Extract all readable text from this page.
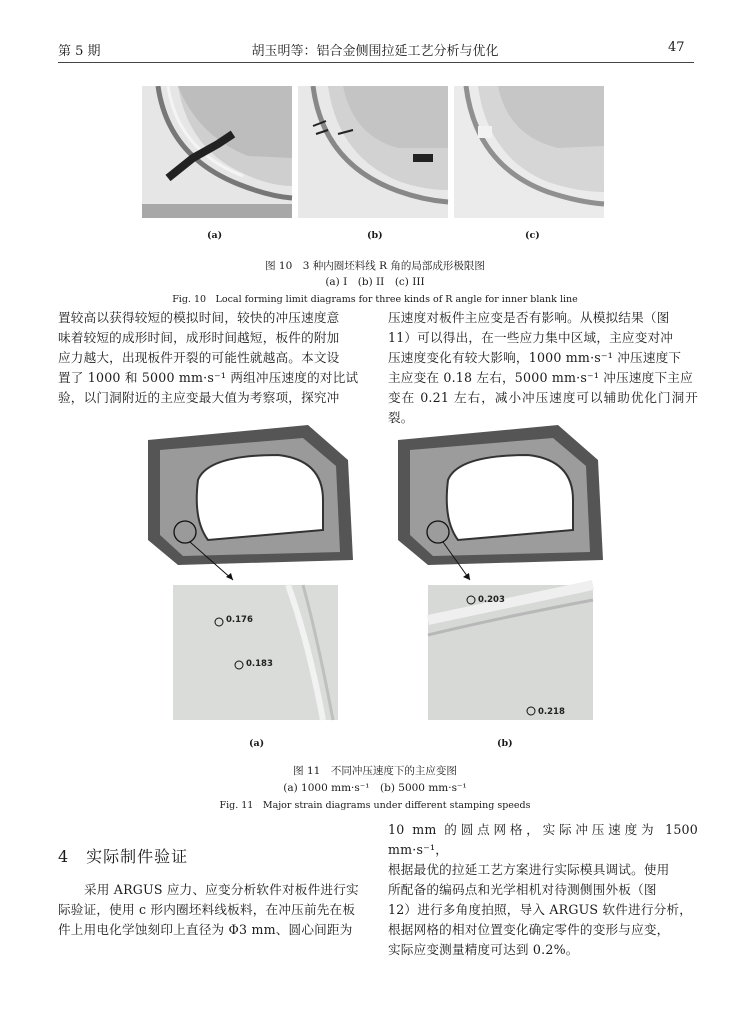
第 5 期	胡玉明等：铝合金侧围拉延工艺分析与优化	47
(a)	(b)	(c)
图 10　3 种内圈坯料线 R 角的局部成形极限图
(a) I　(b) II　(c) III
Fig. 10　Local forming limit diagrams for three kinds of R angle for inner blank line
置较高以获得较短的模拟时间，较快的冲压速度意
味着较短的成形时间，成形时间越短，板件的附加
应力越大，出现板件开裂的可能性就越高。本文设
置了 1000 和 5000 mm·s⁻¹ 两组冲压速度的对比试
验，以门洞附近的主应变最大值为考察项，探究冲
压速度对板件主应变是否有影响。从模拟结果（图
11）可以得出，在一些应力集中区域，主应变对冲
压速度变化有较大影响，1000 mm·s⁻¹ 冲压速度下
主应变在 0.18 左右，5000 mm·s⁻¹ 冲压速度下主应
变在 0.21 左右，减小冲压速度可以辅助优化门洞开裂。
0.176
0.183
0.203
0.218
(a)	(b)
图 11　不同冲压速度下的主应变图
(a) 1000 mm·s⁻¹　(b) 5000 mm·s⁻¹
Fig. 11　Major strain diagrams under different stamping speeds
4　实际制件验证
采用 ARGUS 应力、应变分析软件对板件进行实
际验证，使用 c 形内圈坯料线板料，在冲压前先在板
件上用电化学蚀刻印上直径为 Φ3 mm、圆心间距为
10 mm 的圆点网格，实际冲压速度为 1500 mm·s⁻¹，
根据最优的拉延工艺方案进行实际模具调试。使用
所配备的编码点和光学相机对待测侧围外板（图
12）进行多角度拍照，导入 ARGUS 软件进行分析，
根据网格的相对位置变化确定零件的变形与应变，
实际应变测量精度可达到 0.2%。
